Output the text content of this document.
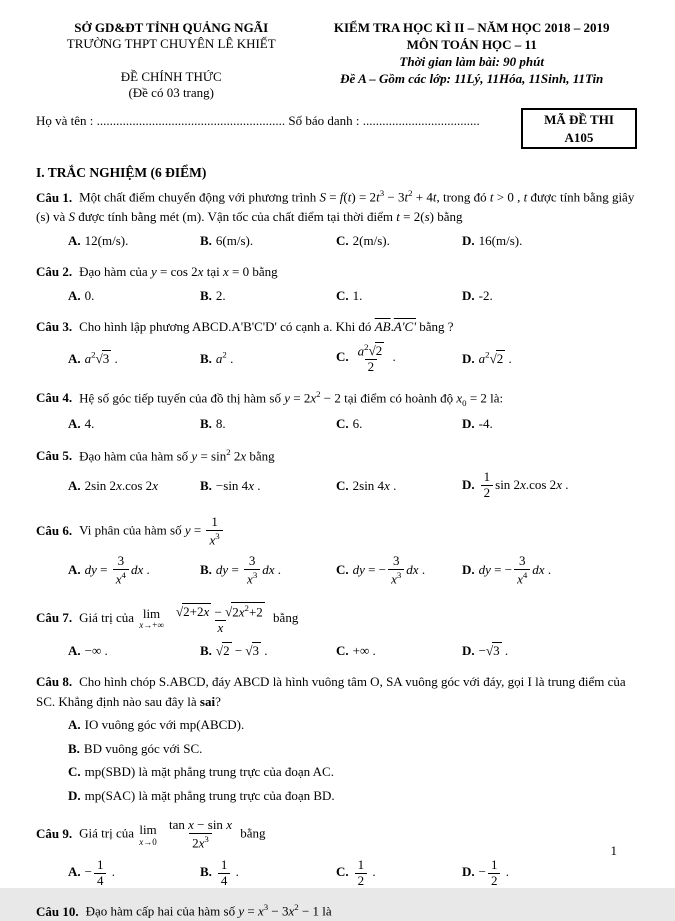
SỞ GD&ĐT TỈNH QUẢNG NGÃI
TRƯỜNG THPT CHUYÊN LÊ KHIẾT
ĐỀ CHÍNH THỨC
(Đề có 03 trang)
KIỂM TRA HỌC KÌ II – NĂM HỌC 2018 – 2019
MÔN TOÁN HỌC – 11
Thời gian làm bài: 90 phút
Đề A – Gồm các lớp: 11Lý, 11Hóa, 11Sinh, 11Tin
Họ và tên : .......................................................... Số báo danh : ....................................	MÃ ĐỀ THI
A105
I. TRẮC NGHIỆM (6 ĐIỂM)
Câu 1. Một chất điểm chuyển động với phương trình $S = f(t) = 2t^3 - 3t^2 + 4t$, trong đó t > 0 , t được tính bằng giây (s) và S được tính bằng mét (m). Vận tốc của chất điểm tại thời điểm t = 2(s) bằng
A. 12(m/s).	B. 6(m/s).	C. 2(m/s).	D. 16(m/s).
Câu 2. Đạo hàm của y = cos 2x tại x = 0 bằng
A. 0.	B. 2.	C. 1.	D. -2.
Câu 3. Cho hình lập phương ABCD.A'B'C'D' có cạnh a. Khi đó $\overline{AB}.A'C'$ bằng ?
A. $a^2√3$ .	B. $a^2$ .	C. $\frac{a^2√2}{2}$ .	D. $a^2√2$ .
Câu 4. Hệ số góc tiếp tuyến của đồ thị hàm số $y = 2x^2 - 2$ tại điểm có hoành độ $x_0 = 2$ là:
A. 4.	B. 8.	C. 6.	D. -4.
Câu 5. Đạo hàm của hàm số $y = \sin^2 2x$ bằng
A. 2sin 2x.cos 2x	B. −sin 4x .	C. 2sin 4x .	D. $\frac{1}{2}$ sin 2x.cos 2x .
Câu 6. Vi phân của hàm số $y = \frac{1}{x^3}$
A. dy = $\frac{3}{x^4}$ dx .	B. dy = $\frac{3}{x^3}$ dx .	C. dy = − $\frac{3}{x^3}$ dx .	D. dy = − $\frac{3}{x^4}$ dx .
Câu 7. Giá trị của lim
x→+∞
$\frac{√2+2x - √2x^2+2}{x}$ bằng
A. −∞ .	B. √2 − √3 .	C. +∞ .	D. −√3 .
Câu 8. Cho hình chóp S.ABCD, đáy ABCD là hình vuông tâm O, SA vuông góc với đáy, gọi I là trung điểm của SC. Khẳng định nào sau đây là sai?
A. IO vuông góc với mp(ABCD).
B. BD vuông góc với SC.
C. mp(SBD) là mặt phẳng trung trực của đoạn AC.
D. mp(SAC) là mặt phẳng trung trực của đoạn BD.
Câu 9. Giá trị của lim
x→0
$\frac{\text{tan x − sin x}}{2x^3}$ bằng
A. − $\frac{1}{4}$ .	B. $\frac{1}{4}$ .	C. $\frac{1}{2}$ .	D. − $\frac{1}{2}$ .
Câu 10. Đạo hàm cấp hai của hàm số $y = x^3 - 3x^2 - 1$ là
1
